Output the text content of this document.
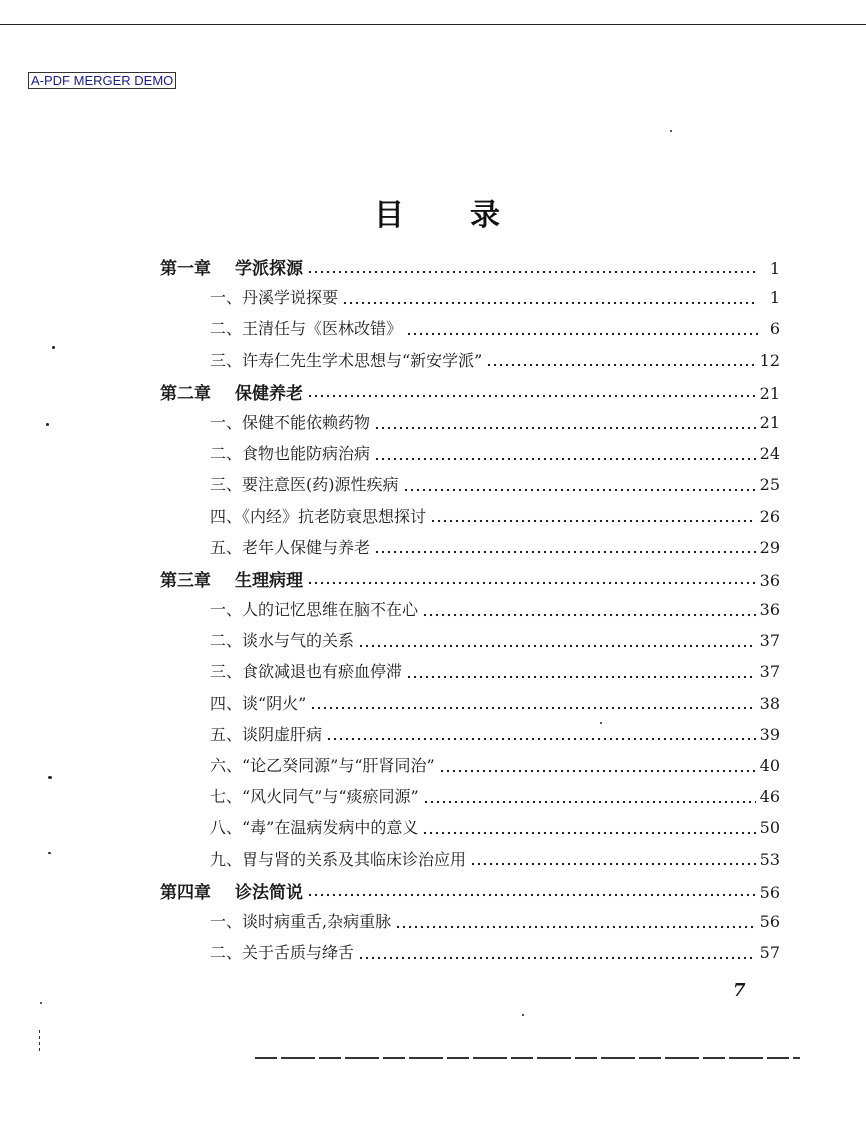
A-PDF MERGER DEMO
目录
第一章 学派探源	1
一、丹溪学说探要	1
二、王清任与《医林改错》	6
三、许寿仁先生学术思想与“新安学派”	12
第二章 保健养老	21
一、保健不能依赖药物	21
二、食物也能防病治病	24
三、要注意医(药)源性疾病	25
四、《内经》抗老防衰思想探讨	26
五、老年人保健与养老	29
第三章 生理病理	36
一、人的记忆思维在脑不在心	36
二、谈水与气的关系	37
三、食欲减退也有瘀血停滞	37
四、谈“阴火”	38
五、谈阴虚肝病	39
六、“论乙癸同源”与“肝肾同治”	40
七、“风火同气”与“痰瘀同源”	46
八、“毒”在温病发病中的意义	50
九、胃与肾的关系及其临床诊治应用	53
第四章 诊法简说	56
一、谈时病重舌,杂病重脉	56
二、关于舌质与绛舌	57
7
